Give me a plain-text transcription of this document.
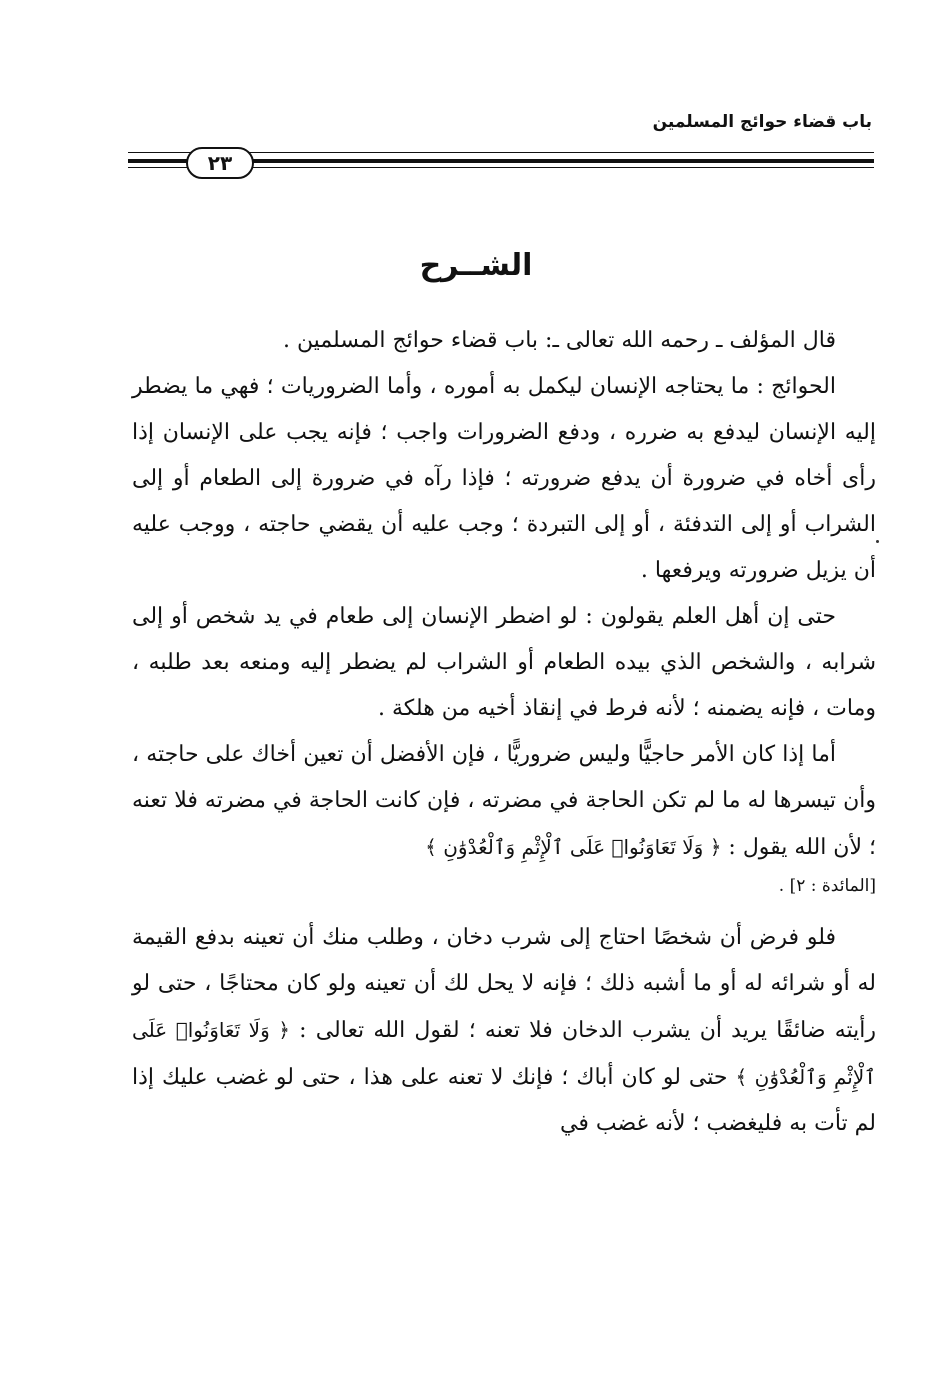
باب قضاء حوائج المسلمين
٢٣
الشــرح

قال المؤلف ـ رحمه الله تعالى ـ: باب قضاء حوائج المسلمين .

الحوائج : ما يحتاجه الإنسان ليكمل به أموره ، وأما الضروريات ؛ فهي ما يضطر إليه الإنسان ليدفع به ضرره ، ودفع الضرورات واجب ؛ فإنه يجب على الإنسان إذا رأى أخاه في ضرورة أن يدفع ضرورته ؛ فإذا رآه في ضرورة إلى الطعام أو إلى الشراب أو إلى التدفئة ، أو إلى التبردة ؛ وجب عليه أن يقضي حاجته ، ووجب عليه أن يزيل ضرورته ويرفعها .

حتى إن أهل العلم يقولون : لو اضطر الإنسان إلى طعام في يد شخص أو إلى شرابه ، والشخص الذي بيده الطعام أو الشراب لم يضطر إليه ومنعه بعد طلبه ، ومات ، فإنه يضمنه ؛ لأنه فرط في إنقاذ أخيه من هلكة .

أما إذا كان الأمر حاجيًّا وليس ضروريًّا ، فإن الأفضل أن تعين أخاك على حاجته ، وأن تيسرها له ما لم تكن الحاجة في مضرته ، فإن كانت الحاجة في مضرته فلا تعنه ؛ لأن الله يقول : ﴿ وَلَا تَعَاوَنُوا۟ عَلَى ٱلْإِثْمِ وَٱلْعُدْوَٰنِ ﴾

[المائدة : ٢] .

فلو فرض أن شخصًا احتاج إلى شرب دخان ، وطلب منك أن تعينه بدفع القيمة له أو شرائه له أو ما أشبه ذلك ؛ فإنه لا يحل لك أن تعينه ولو كان محتاجًا ، حتى لو رأيته ضائقًا يريد أن يشرب الدخان فلا تعنه ؛ لقول الله تعالى : ﴿ وَلَا تَعَاوَنُوا۟ عَلَى ٱلْإِثْمِ وَٱلْعُدْوَٰنِ ﴾ حتى لو كان أباك ؛ فإنك لا تعنه على هذا ، حتى لو غضب عليك إذا لم تأت به فليغضب ؛ لأنه غضب في
